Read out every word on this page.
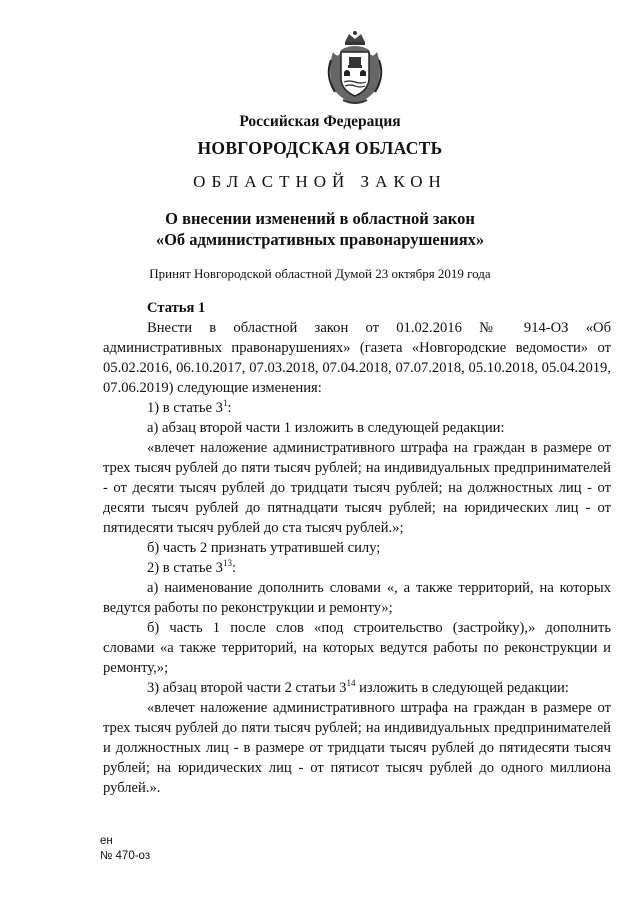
Российская Федерация
НОВГОРОДСКАЯ ОБЛАСТЬ
ОБЛАСТНОЙ ЗАКОН
О внесении изменений в областной закон
«Об административных правонарушениях»
Принят Новгородской областной Думой 23 октября 2019 года

Статья 1

Внести в областной закон от 01.02.2016 № 914-ОЗ «Об административных правонарушениях» (газета «Новгородские ведомости» от 05.02.2016, 06.10.2017, 07.03.2018, 07.04.2018, 07.07.2018, 05.10.2018, 05.04.2019, 07.06.2019) следующие изменения:

1) в статье $3^1$:

а) абзац второй части 1 изложить в следующей редакции:

«влечет наложение административного штрафа на граждан в размере от трех тысяч рублей до пяти тысяч рублей; на индивидуальных предпринимателей - от десяти тысяч рублей до тридцати тысяч рублей; на должностных лиц - от десяти тысяч рублей до пятнадцати тысяч рублей; на юридических лиц - от пятидесяти тысяч рублей до ста тысяч рублей.»;

б) часть 2 признать утратившей силу;

2) в статье $3^{13}$:

а) наименование дополнить словами «, а также территорий, на которых ведутся работы по реконструкции и ремонту»;

б) часть 1 после слов «под строительство (застройку),» дополнить словами «а также территорий, на которых ведутся работы по реконструкции и ремонту,»;

3) абзац второй части 2 статьи $3^{14}$ изложить в следующей редакции:

«влечет наложение административного штрафа на граждан в размере от трех тысяч рублей до пяти тысяч рублей; на индивидуальных предпринимателей и должностных лиц - в размере от тридцати тысяч рублей до пятидесяти тысяч рублей; на юридических лиц - от пятисот тысяч рублей до одного миллиона рублей.».

ен
№ 470-оз
